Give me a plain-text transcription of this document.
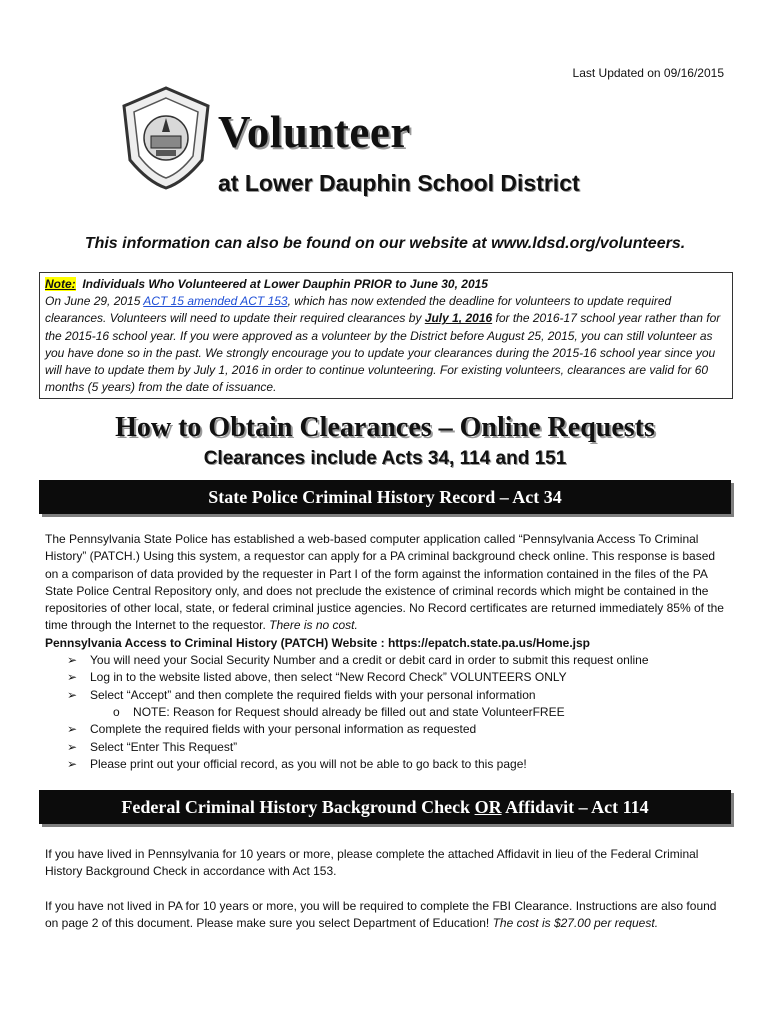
Last Updated on 09/16/2015
Volunteer
at Lower Dauphin School District
This information can also be found on our website at www.ldsd.org/volunteers.
Note: Individuals Who Volunteered at Lower Dauphin PRIOR to June 30, 2015
On June 29, 2015 ACT 15 amended ACT 153, which has now extended the deadline for volunteers to update required clearances. Volunteers will need to update their required clearances by July 1, 2016 for the 2016-17 school year rather than for the 2015-16 school year. If you were approved as a volunteer by the District before August 25, 2015, you can still volunteer as you have done so in the past. We strongly encourage you to update your clearances during the 2015-16 school year since you will have to update them by July 1, 2016 in order to continue volunteering. For existing volunteers, clearances are valid for 60 months (5 years) from the date of issuance.
How to Obtain Clearances – Online Requests
Clearances include Acts 34, 114 and 151
State Police Criminal History Record – Act 34

The Pennsylvania State Police has established a web-based computer application called “Pennsylvania Access To Criminal History” (PATCH.) Using this system, a requestor can apply for a PA criminal background check online. This response is based on a comparison of data provided by the requester in Part I of the form against the information contained in the files of the PA State Police Central Repository only, and does not preclude the existence of criminal records which might be contained in the repositories of other local, state, or federal criminal justice agencies. No Record certificates are returned immediately 85% of the time through the Internet to the requestor. There is no cost.

Pennsylvania Access to Criminal History (PATCH) Website : https://epatch.state.pa.us/Home.jsp

➢ You will need your Social Security Number and a credit or debit card in order to submit this request online
➢ Log in to the website listed above, then select “New Record Check” VOLUNTEERS ONLY
➢ Select “Accept” and then complete the required fields with your personal information
o NOTE: Reason for Request should already be filled out and state VolunteerFREE
➢ Complete the required fields with your personal information as requested
➢ Select “Enter This Request”
➢ Please print out your official record, as you will not be able to go back to this page!
Federal Criminal History Background Check OR Affidavit – Act 114

If you have lived in Pennsylvania for 10 years or more, please complete the attached Affidavit in lieu of the Federal Criminal History Background Check in accordance with Act 153.

If you have not lived in PA for 10 years or more, you will be required to complete the FBI Clearance. Instructions are also found on page 2 of this document. Please make sure you select Department of Education! The cost is $27.00 per request.
